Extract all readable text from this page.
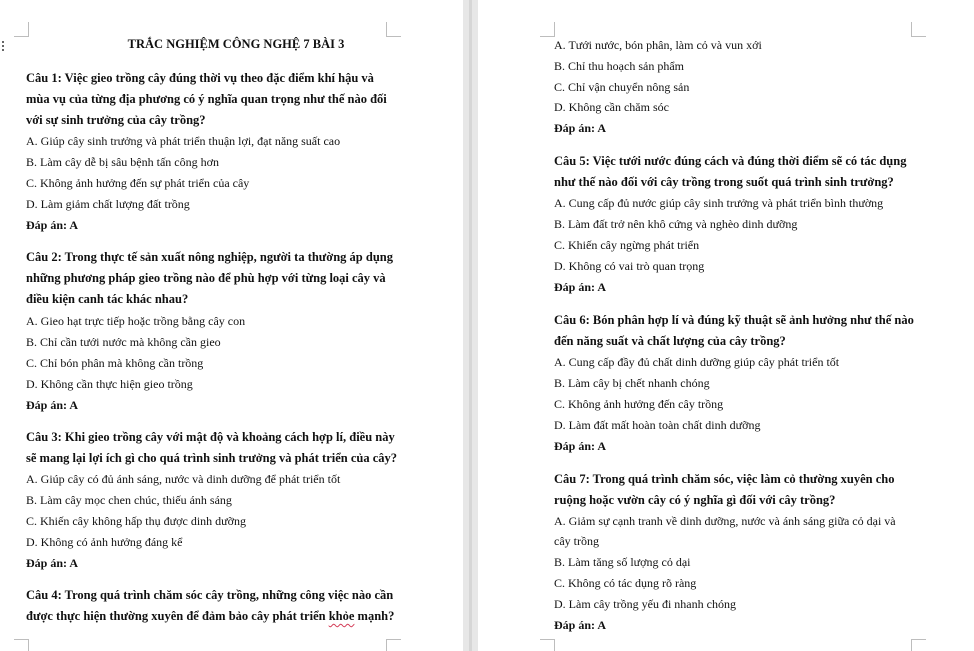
TRẮC NGHIỆM CÔNG NGHỆ 7 BÀI 3
Câu 1: Việc gieo trồng cây đúng thời vụ theo đặc điểm khí hậu và
mùa vụ của từng địa phương có ý nghĩa quan trọng như thế nào đối
với sự sinh trưởng của cây trồng?
A. Giúp cây sinh trưởng và phát triển thuận lợi, đạt năng suất cao
B. Làm cây dễ bị sâu bệnh tấn công hơn
C. Không ảnh hưởng đến sự phát triển của cây
D. Làm giảm chất lượng đất trồng
Đáp án: A
Câu 2: Trong thực tế sản xuất nông nghiệp, người ta thường áp dụng
những phương pháp gieo trồng nào để phù hợp với từng loại cây và
điều kiện canh tác khác nhau?
A. Gieo hạt trực tiếp hoặc trồng bằng cây con
B. Chỉ cần tưới nước mà không cần gieo
C. Chỉ bón phân mà không cần trồng
D. Không cần thực hiện gieo trồng
Đáp án: A
Câu 3: Khi gieo trồng cây với mật độ và khoảng cách hợp lí, điều này
sẽ mang lại lợi ích gì cho quá trình sinh trưởng và phát triển của cây?
A. Giúp cây có đủ ánh sáng, nước và dinh dưỡng để phát triển tốt
B. Làm cây mọc chen chúc, thiếu ánh sáng
C. Khiến cây không hấp thụ được dinh dưỡng
D. Không có ảnh hưởng đáng kể
Đáp án: A
Câu 4: Trong quá trình chăm sóc cây trồng, những công việc nào cần
được thực hiện thường xuyên để đảm bảo cây phát triển khỏe mạnh?
A. Tưới nước, bón phân, làm cỏ và vun xới
B. Chỉ thu hoạch sản phẩm
C. Chỉ vận chuyển nông sản
D. Không cần chăm sóc
Đáp án: A
Câu 5: Việc tưới nước đúng cách và đúng thời điểm sẽ có tác dụng
như thế nào đối với cây trồng trong suốt quá trình sinh trưởng?
A. Cung cấp đủ nước giúp cây sinh trưởng và phát triển bình thường
B. Làm đất trở nên khô cứng và nghèo dinh dưỡng
C. Khiến cây ngừng phát triển
D. Không có vai trò quan trọng
Đáp án: A
Câu 6: Bón phân hợp lí và đúng kỹ thuật sẽ ảnh hưởng như thế nào
đến năng suất và chất lượng của cây trồng?
A. Cung cấp đầy đủ chất dinh dưỡng giúp cây phát triển tốt
B. Làm cây bị chết nhanh chóng
C. Không ảnh hưởng đến cây trồng
D. Làm đất mất hoàn toàn chất dinh dưỡng
Đáp án: A
Câu 7: Trong quá trình chăm sóc, việc làm cỏ thường xuyên cho
ruộng hoặc vườn cây có ý nghĩa gì đối với cây trồng?
A. Giảm sự cạnh tranh về dinh dưỡng, nước và ánh sáng giữa cỏ dại và
cây trồng
B. Làm tăng số lượng cỏ dại
C. Không có tác dụng rõ ràng
D. Làm cây trồng yếu đi nhanh chóng
Đáp án: A
